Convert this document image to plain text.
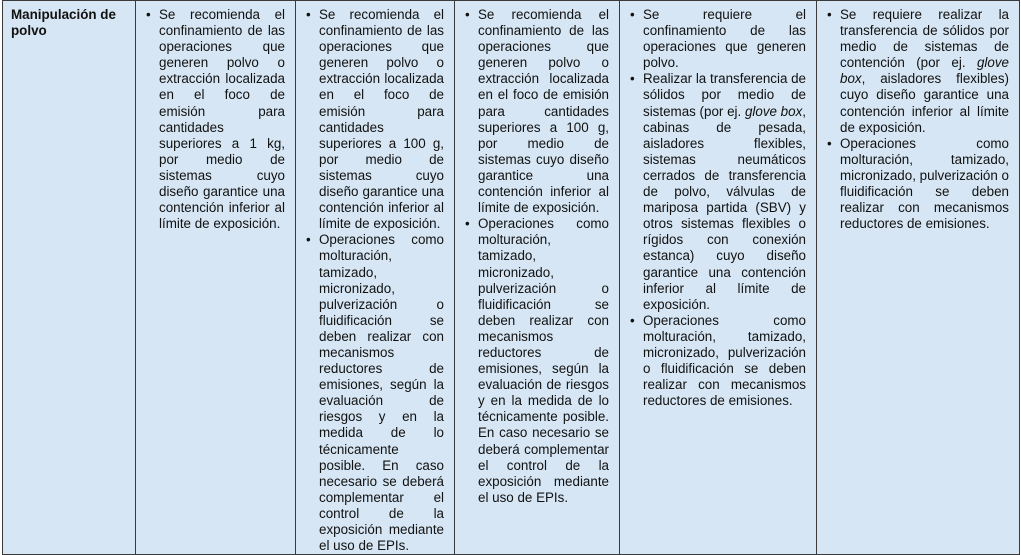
Manipulación de polvo	
• Se recomienda el confinamiento de las operaciones que generen polvo o extracción localizada en el foco de emisión para cantidades superiores a 1 kg, por medio de sistemas cuyo diseño garantice una contención inferior al límite de exposición.

• Se recomienda el confinamiento de las operaciones que generen polvo o extracción localizada en el foco de emisión para cantidades superiores a 100 g, por medio de sistemas cuyo diseño garantice una contención inferior al límite de exposición.
• Operaciones como molturación, tamizado, micronizado, pulverización o fluidificación se deben realizar con mecanismos reductores de emisiones, según la evaluación de riesgos y en la medida de lo técnicamente posible. En caso necesario se deberá complementar el control de la exposición mediante el uso de EPIs.

• Se recomienda el confinamiento de las operaciones que generen polvo o extracción localizada en el foco de emisión para cantidades superiores a 100 g, por medio de sistemas cuyo diseño garantice una contención inferior al límite de exposición.
• Operaciones como molturación, tamizado, micronizado, pulverización o fluidificación se deben realizar con mecanismos reductores de emisiones, según la evaluación de riesgos y en la medida de lo técnicamente posible. En caso necesario se deberá complementar el control de la exposición mediante el uso de EPIs.

• Se requiere el confinamiento de las operaciones que generen polvo.
• Realizar la transferencia de sólidos por medio de sistemas (por ej. glove box, cabinas de pesada, aisladores flexibles, sistemas neumáticos cerrados de transferencia de polvo, válvulas de mariposa partida (SBV) y otros sistemas flexibles o rígidos con conexión estanca) cuyo diseño garantice una contención inferior al límite de exposición.
• Operaciones como molturación, tamizado, micronizado, pulverización o fluidificación se deben realizar con mecanismos reductores de emisiones.

• Se requiere realizar la transferencia de sólidos por medio de sistemas de contención (por ej. glove box, aisladores flexibles) cuyo diseño garantice una contención inferior al límite de exposición.
• Operaciones como molturación, tamizado, micronizado, pulverización o fluidificación se deben realizar con mecanismos reductores de emisiones.
